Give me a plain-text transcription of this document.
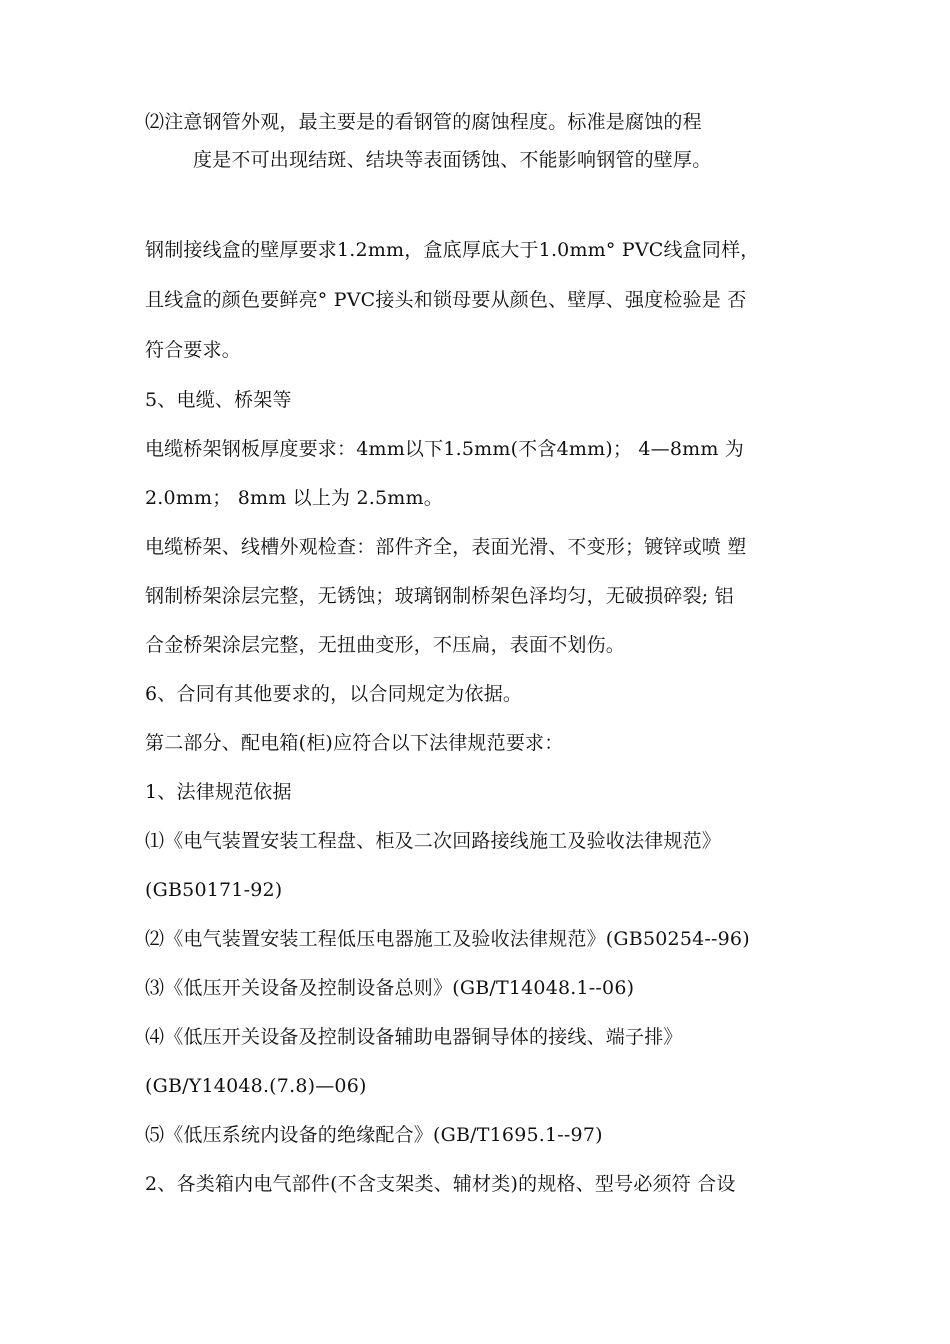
⑵注意钢管外观，最主要是的看钢管的腐蚀程度。标准是腐蚀的程
度是不可出现结斑、结块等表面锈蚀、不能影响钢管的壁厚。
钢制接线盒的壁厚要求1.2mm，盒底厚底大于1.0mm° PVC线盒同样，
且线盒的颜色要鲜亮° PVC接头和锁母要从颜色、壁厚、强度检验是 否
符合要求。
5、电缆、桥架等
电缆桥架钢板厚度要求：4mm以下1.5mm(不含4mm)； 4—8mm 为
2.0mm； 8mm 以上为 2.5mm。
电缆桥架、线槽外观检查：部件齐全，表面光滑、不变形；镀锌或喷 塑
钢制桥架涂层完整，无锈蚀；玻璃钢制桥架色泽均匀，无破损碎裂; 铝
合金桥架涂层完整，无扭曲变形，不压扁，表面不划伤。
6、合同有其他要求的，以合同规定为依据。
第二部分、配电箱(柜)应符合以下法律规范要求：
1、法律规范依据
⑴《电气装置安装工程盘、柜及二次回路接线施工及验收法律规范》
(GB50171-92)
⑵《电气装置安装工程低压电器施工及验收法律规范》(GB50254--96)
⑶《低压开关设备及控制设备总则》(GB/T14048.1--06)
⑷《低压开关设备及控制设备辅助电器铜导体的接线、端子排》
(GB/Y14048.(7.8)—06)
⑸《低压系统内设备的绝缘配合》(GB/T1695.1--97)
2、各类箱内电气部件(不含支架类、辅材类)的规格、型号必须符 合设
